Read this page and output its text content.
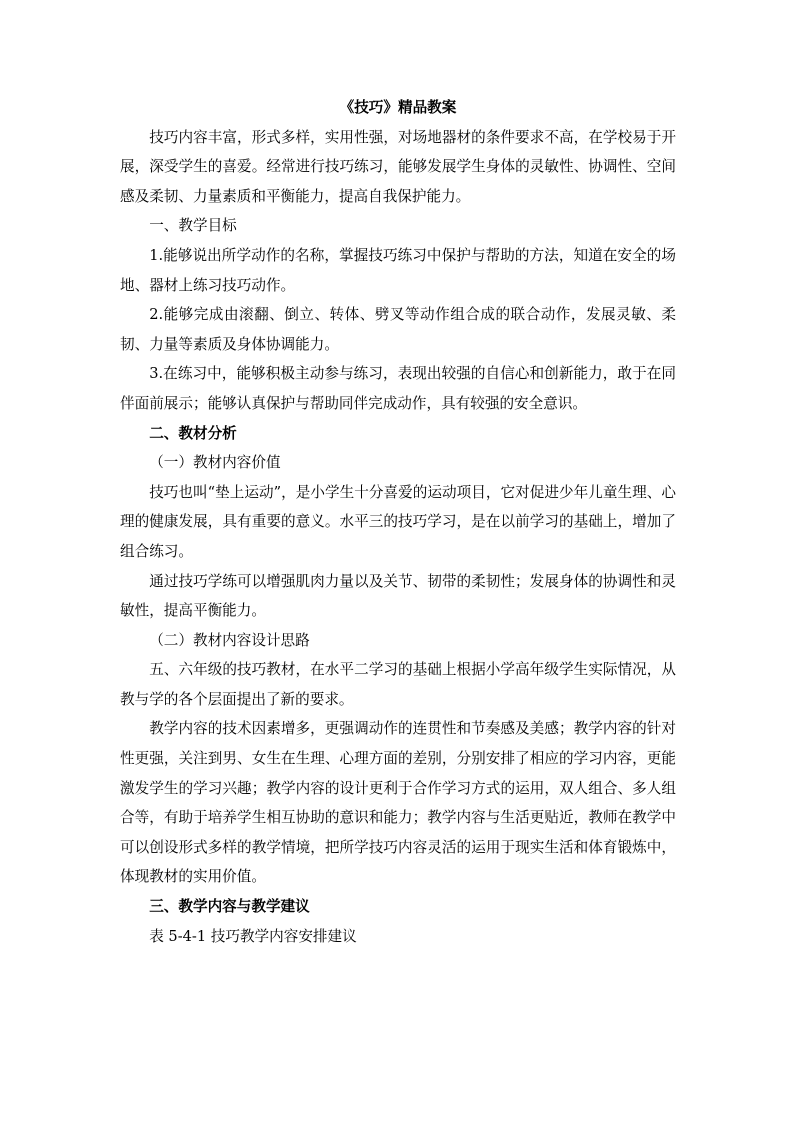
《技巧》精品教案

技巧内容丰富，形式多样，实用性强，对场地器材的条件要求不高，在学校易于开展，深受学生的喜爱。经常进行技巧练习，能够发展学生身体的灵敏性、协调性、空间感及柔韧、力量素质和平衡能力，提高自我保护能力。

一、教学目标

1.能够说出所学动作的名称，掌握技巧练习中保护与帮助的方法，知道在安全的场地、器材上练习技巧动作。

2.能够完成由滚翻、倒立、转体、劈叉等动作组合成的联合动作，发展灵敏、柔韧、力量等素质及身体协调能力。

3.在练习中，能够积极主动参与练习，表现出较强的自信心和创新能力，敢于在同伴面前展示；能够认真保护与帮助同伴完成动作，具有较强的安全意识。

二、教材分析

（一）教材内容价值

技巧也叫“垫上运动”，是小学生十分喜爱的运动项目，它对促进少年儿童生理、心理的健康发展，具有重要的意义。水平三的技巧学习，是在以前学习的基础上，增加了组合练习。

通过技巧学练可以增强肌肉力量以及关节、韧带的柔韧性；发展身体的协调性和灵敏性，提高平衡能力。

（二）教材内容设计思路

五、六年级的技巧教材，在水平二学习的基础上根据小学高年级学生实际情况，从教与学的各个层面提出了新的要求。

教学内容的技术因素增多，更强调动作的连贯性和节奏感及美感；教学内容的针对性更强，关注到男、女生在生理、心理方面的差别，分别安排了相应的学习内容，更能激发学生的学习兴趣；教学内容的设计更利于合作学习方式的运用，双人组合、多人组合等，有助于培养学生相互协助的意识和能力；教学内容与生活更贴近，教师在教学中可以创设形式多样的教学情境，把所学技巧内容灵活的运用于现实生活和体育锻炼中，体现教材的实用价值。

三、教学内容与教学建议

表 5-4-1 技巧教学内容安排建议
